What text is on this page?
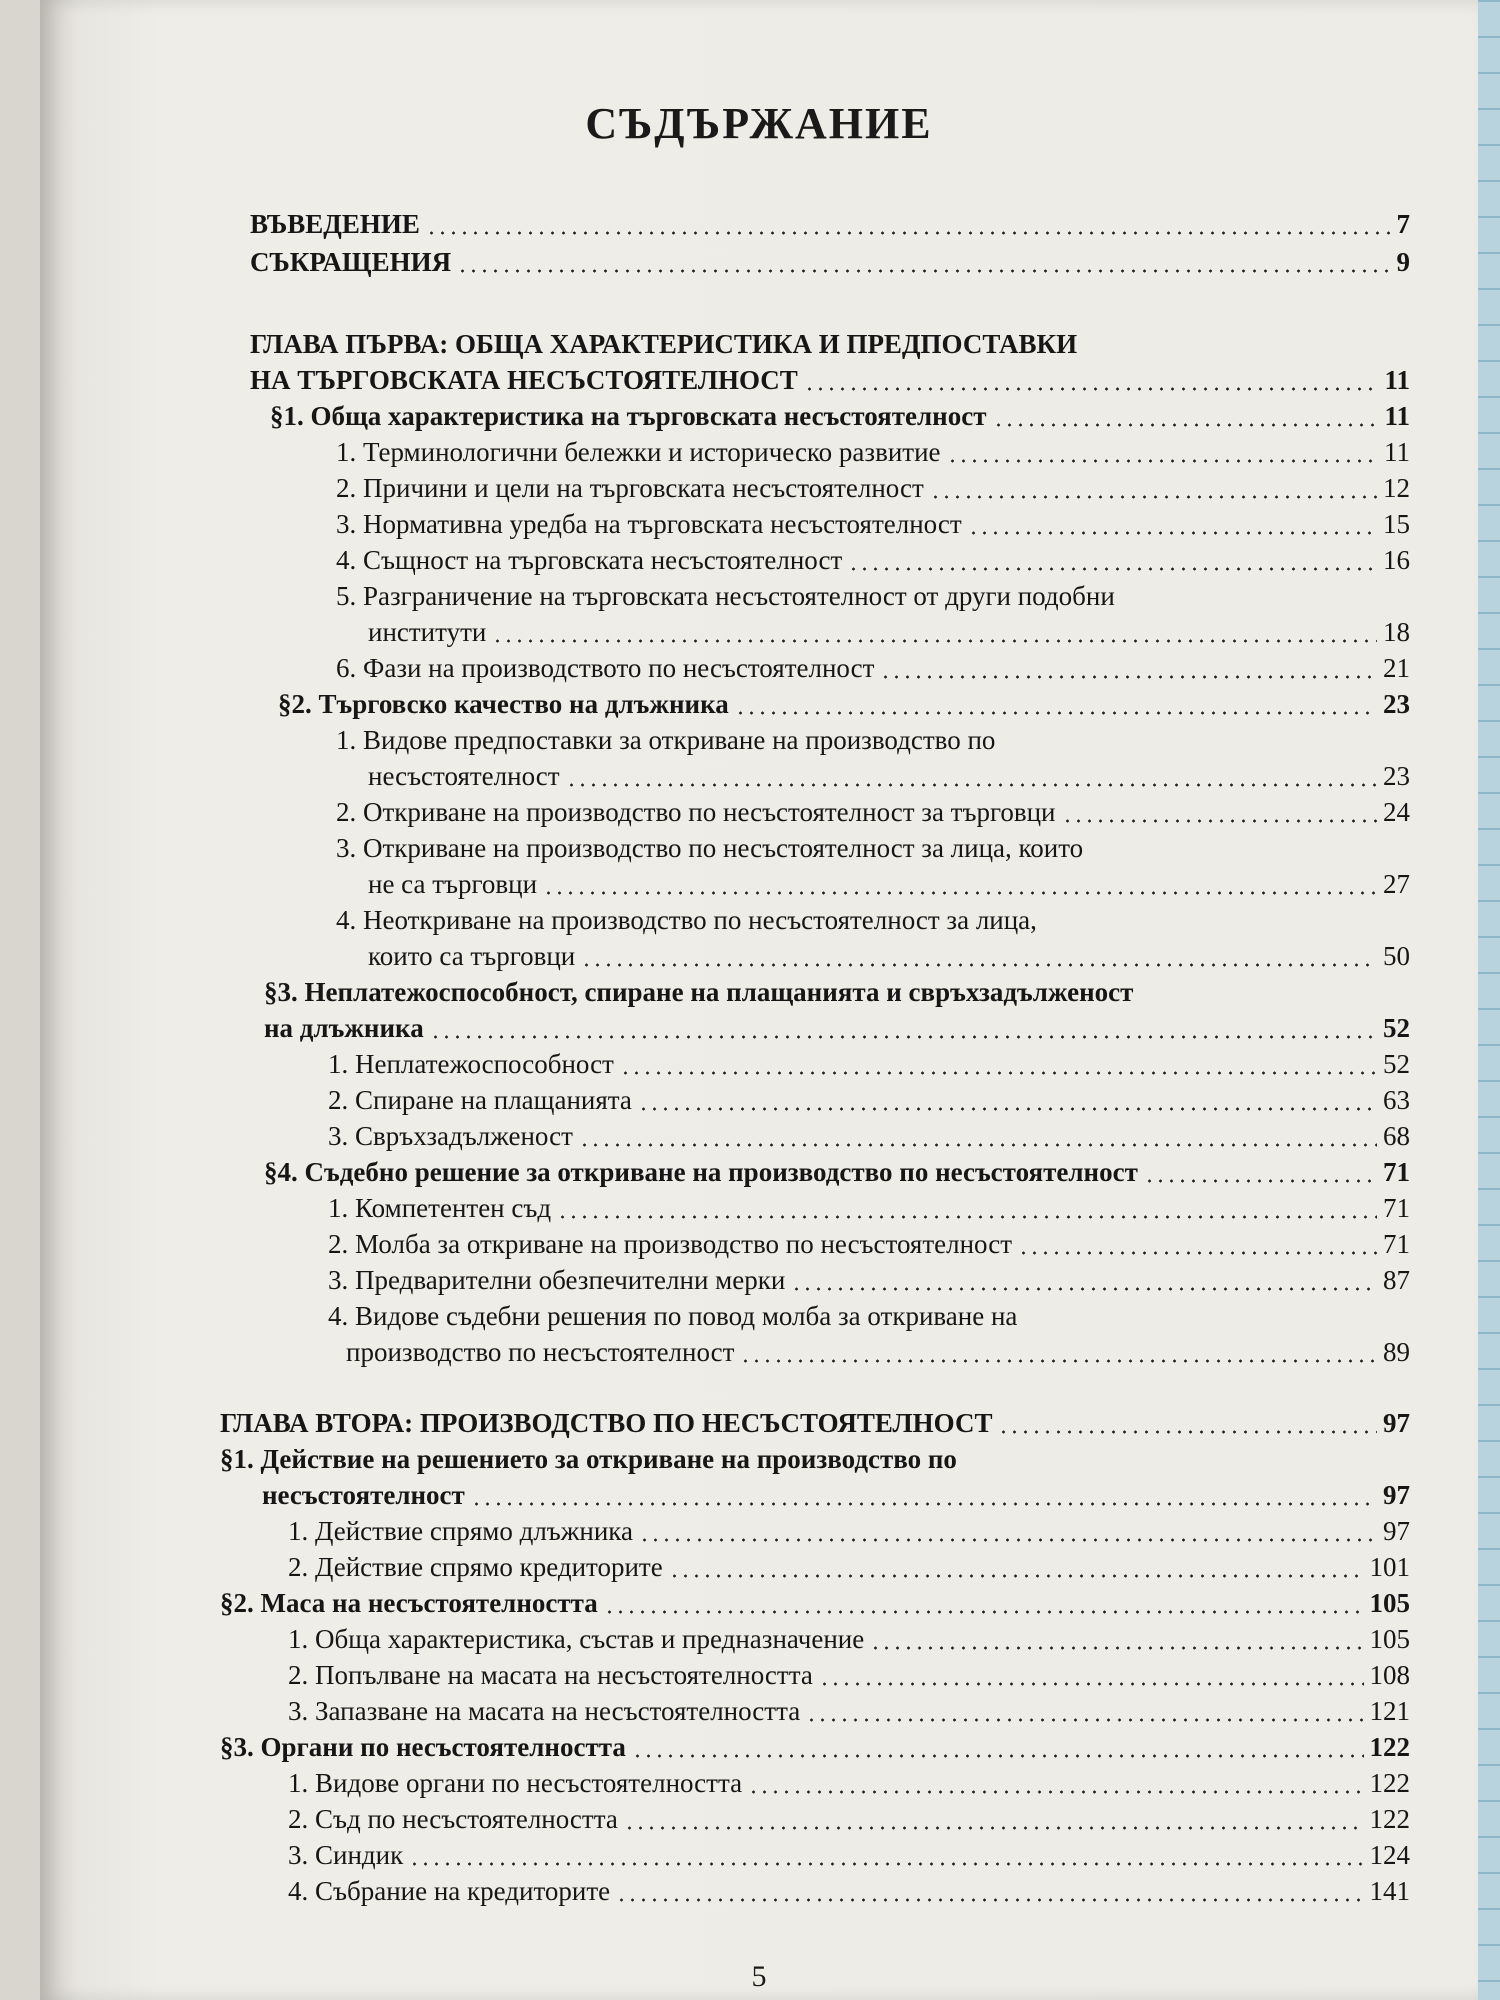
СЪДЪРЖАНИЕ
ВЪВЕДЕНИЕ	7
СЪКРАЩЕНИЯ	9
ГЛАВА ПЪРВА: ОБЩА ХАРАКТЕРИСТИКА И ПРЕДПОСТАВКИ
НА ТЪРГОВСКАТА НЕСЪСТОЯТЕЛНОСТ	11
§1. Обща характеристика на търговската несъстоятелност	11
1. Терминологични бележки и историческо развитие	11
2. Причини и цели на търговската несъстоятелност	12
3. Нормативна уредба на търговската несъстоятелност	15
4. Същност на търговската несъстоятелност	16
5. Разграничение на търговската несъстоятелност от други подобни
институти	18
6. Фази на производството по несъстоятелност	21
§2. Търговско качество на длъжника	23
1. Видове предпоставки за откриване на производство по
несъстоятелност	23
2. Откриване на производство по несъстоятелност за търговци	24
3. Откриване на производство по несъстоятелност за лица, които
не са търговци	27
4. Неоткриване на производство по несъстоятелност за лица,
които са търговци	50
§3. Неплатежоспособност, спиране на плащанията и свръхзадълженост
на длъжника	52
1. Неплатежоспособност	52
2. Спиране на плащанията	63
3. Свръхзадълженост	68
§4. Съдебно решение за откриване на производство по несъстоятелност	71
1. Компетентен съд	71
2. Молба за откриване на производство по несъстоятелност	71
3. Предварителни обезпечителни мерки	87
4. Видове съдебни решения по повод молба за откриване на
производство по несъстоятелност	89
ГЛАВА ВТОРА: ПРОИЗВОДСТВО ПО НЕСЪСТОЯТЕЛНОСТ	97
§1. Действие на решението за откриване на производство по
несъстоятелност	97
1. Действие спрямо длъжника	97
2. Действие спрямо кредиторите	101
§2. Маса на несъстоятелността	105
1. Обща характеристика, състав и предназначение	105
2. Попълване на масата на несъстоятелността	108
3. Запазване на масата на несъстоятелността	121
§3. Органи по несъстоятелността	122
1. Видове органи по несъстоятелността	122
2. Съд по несъстоятелността	122
3. Синдик	124
4. Събрание на кредиторите	141
5
